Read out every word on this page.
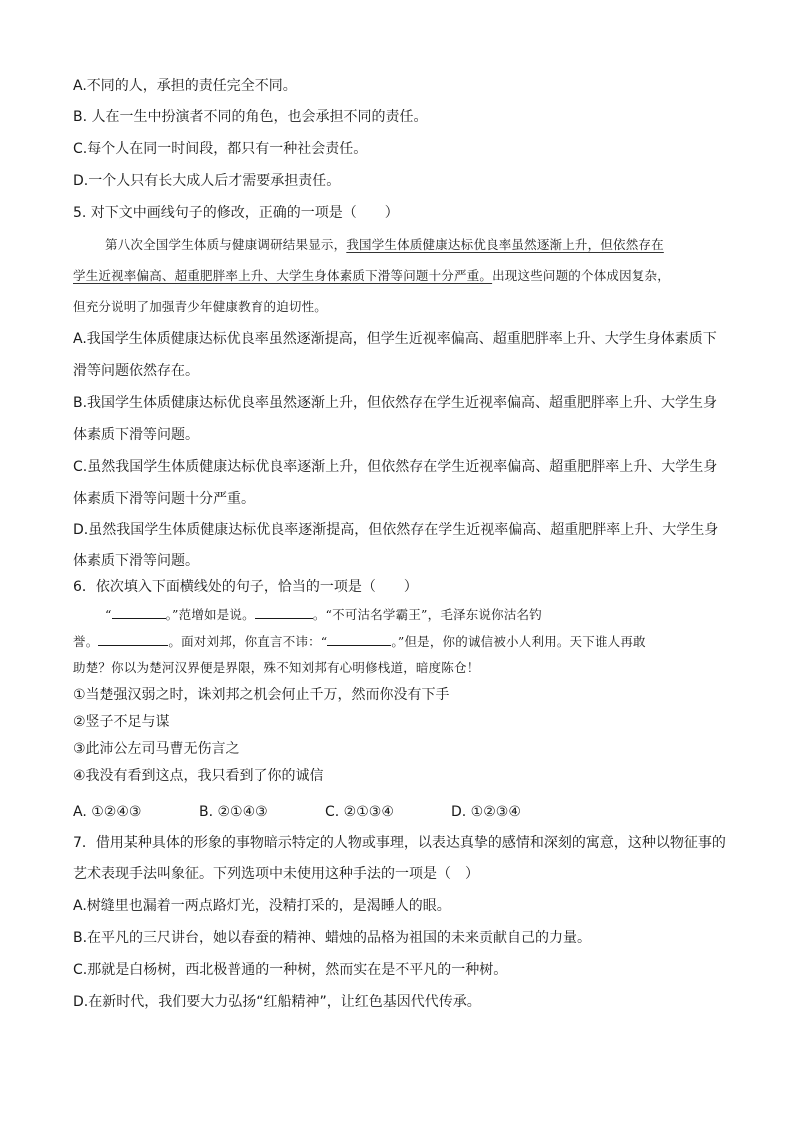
A.不同的人，承担的责任完全不同。
B. 人在一生中扮演者不同的角色，也会承担不同的责任。
C.每个人在同一时间段，都只有一种社会责任。
D.一个人只有长大成人后才需要承担责任。
5. 对下文中画线句子的修改，正确的一项是（　　）
第八次全国学生体质与健康调研结果显示，我国学生体质健康达标优良率虽然逐渐上升，但依然存在
学生近视率偏高、超重肥胖率上升、大学生身体素质下滑等问题十分严重。出现这些问题的个体成因复杂，
但充分说明了加强青少年健康教育的迫切性。
A.我国学生体质健康达标优良率虽然逐渐提高，但学生近视率偏高、超重肥胖率上升、大学生身体素质下
滑等问题依然存在。
B.我国学生体质健康达标优良率虽然逐渐上升，但依然存在学生近视率偏高、超重肥胖率上升、大学生身
体素质下滑等问题。
C.虽然我国学生体质健康达标优良率逐渐上升，但依然存在学生近视率偏高、超重肥胖率上升、大学生身
体素质下滑等问题十分严重。
D.虽然我国学生体质健康达标优良率逐渐提高，但依然存在学生近视率偏高、超重肥胖率上升、大学生身
体素质下滑等问题。
6．依次填入下面横线处的句子，恰当的一项是（　　）
“	。”范增如是说。	。“不可沽名学霸王”，毛泽东说你沽名钓
誉。	。面对刘邦，你直言不讳：“	。”但是，你的诚信被小人利用。天下谁人再敢
助楚？你以为楚河汉界便是界限，殊不知刘邦有心明修栈道，暗度陈仓！
①当楚强汉弱之时，诛刘邦之机会何止千万，然而你没有下手
②竖子不足与谋
③此沛公左司马曹无伤言之
④我没有看到这点，我只看到了你的诚信
A. ①②④③	B. ②①④③	C. ②①③④	D. ①②③④
7．借用某种具体的形象的事物暗示特定的人物或事理，以表达真挚的感情和深刻的寓意，这种以物征事的
艺术表现手法叫象征。下列选项中未使用这种手法的一项是（　）
A.树缝里也漏着一两点路灯光，没精打采的，是渴睡人的眼。
B.在平凡的三尺讲台，她以春蚕的精神、蜡烛的品格为祖国的未来贡献自己的力量。
C.那就是白杨树，西北极普通的一种树，然而实在是不平凡的一种树。
D.在新时代，我们要大力弘扬“红船精神”，让红色基因代代传承。
